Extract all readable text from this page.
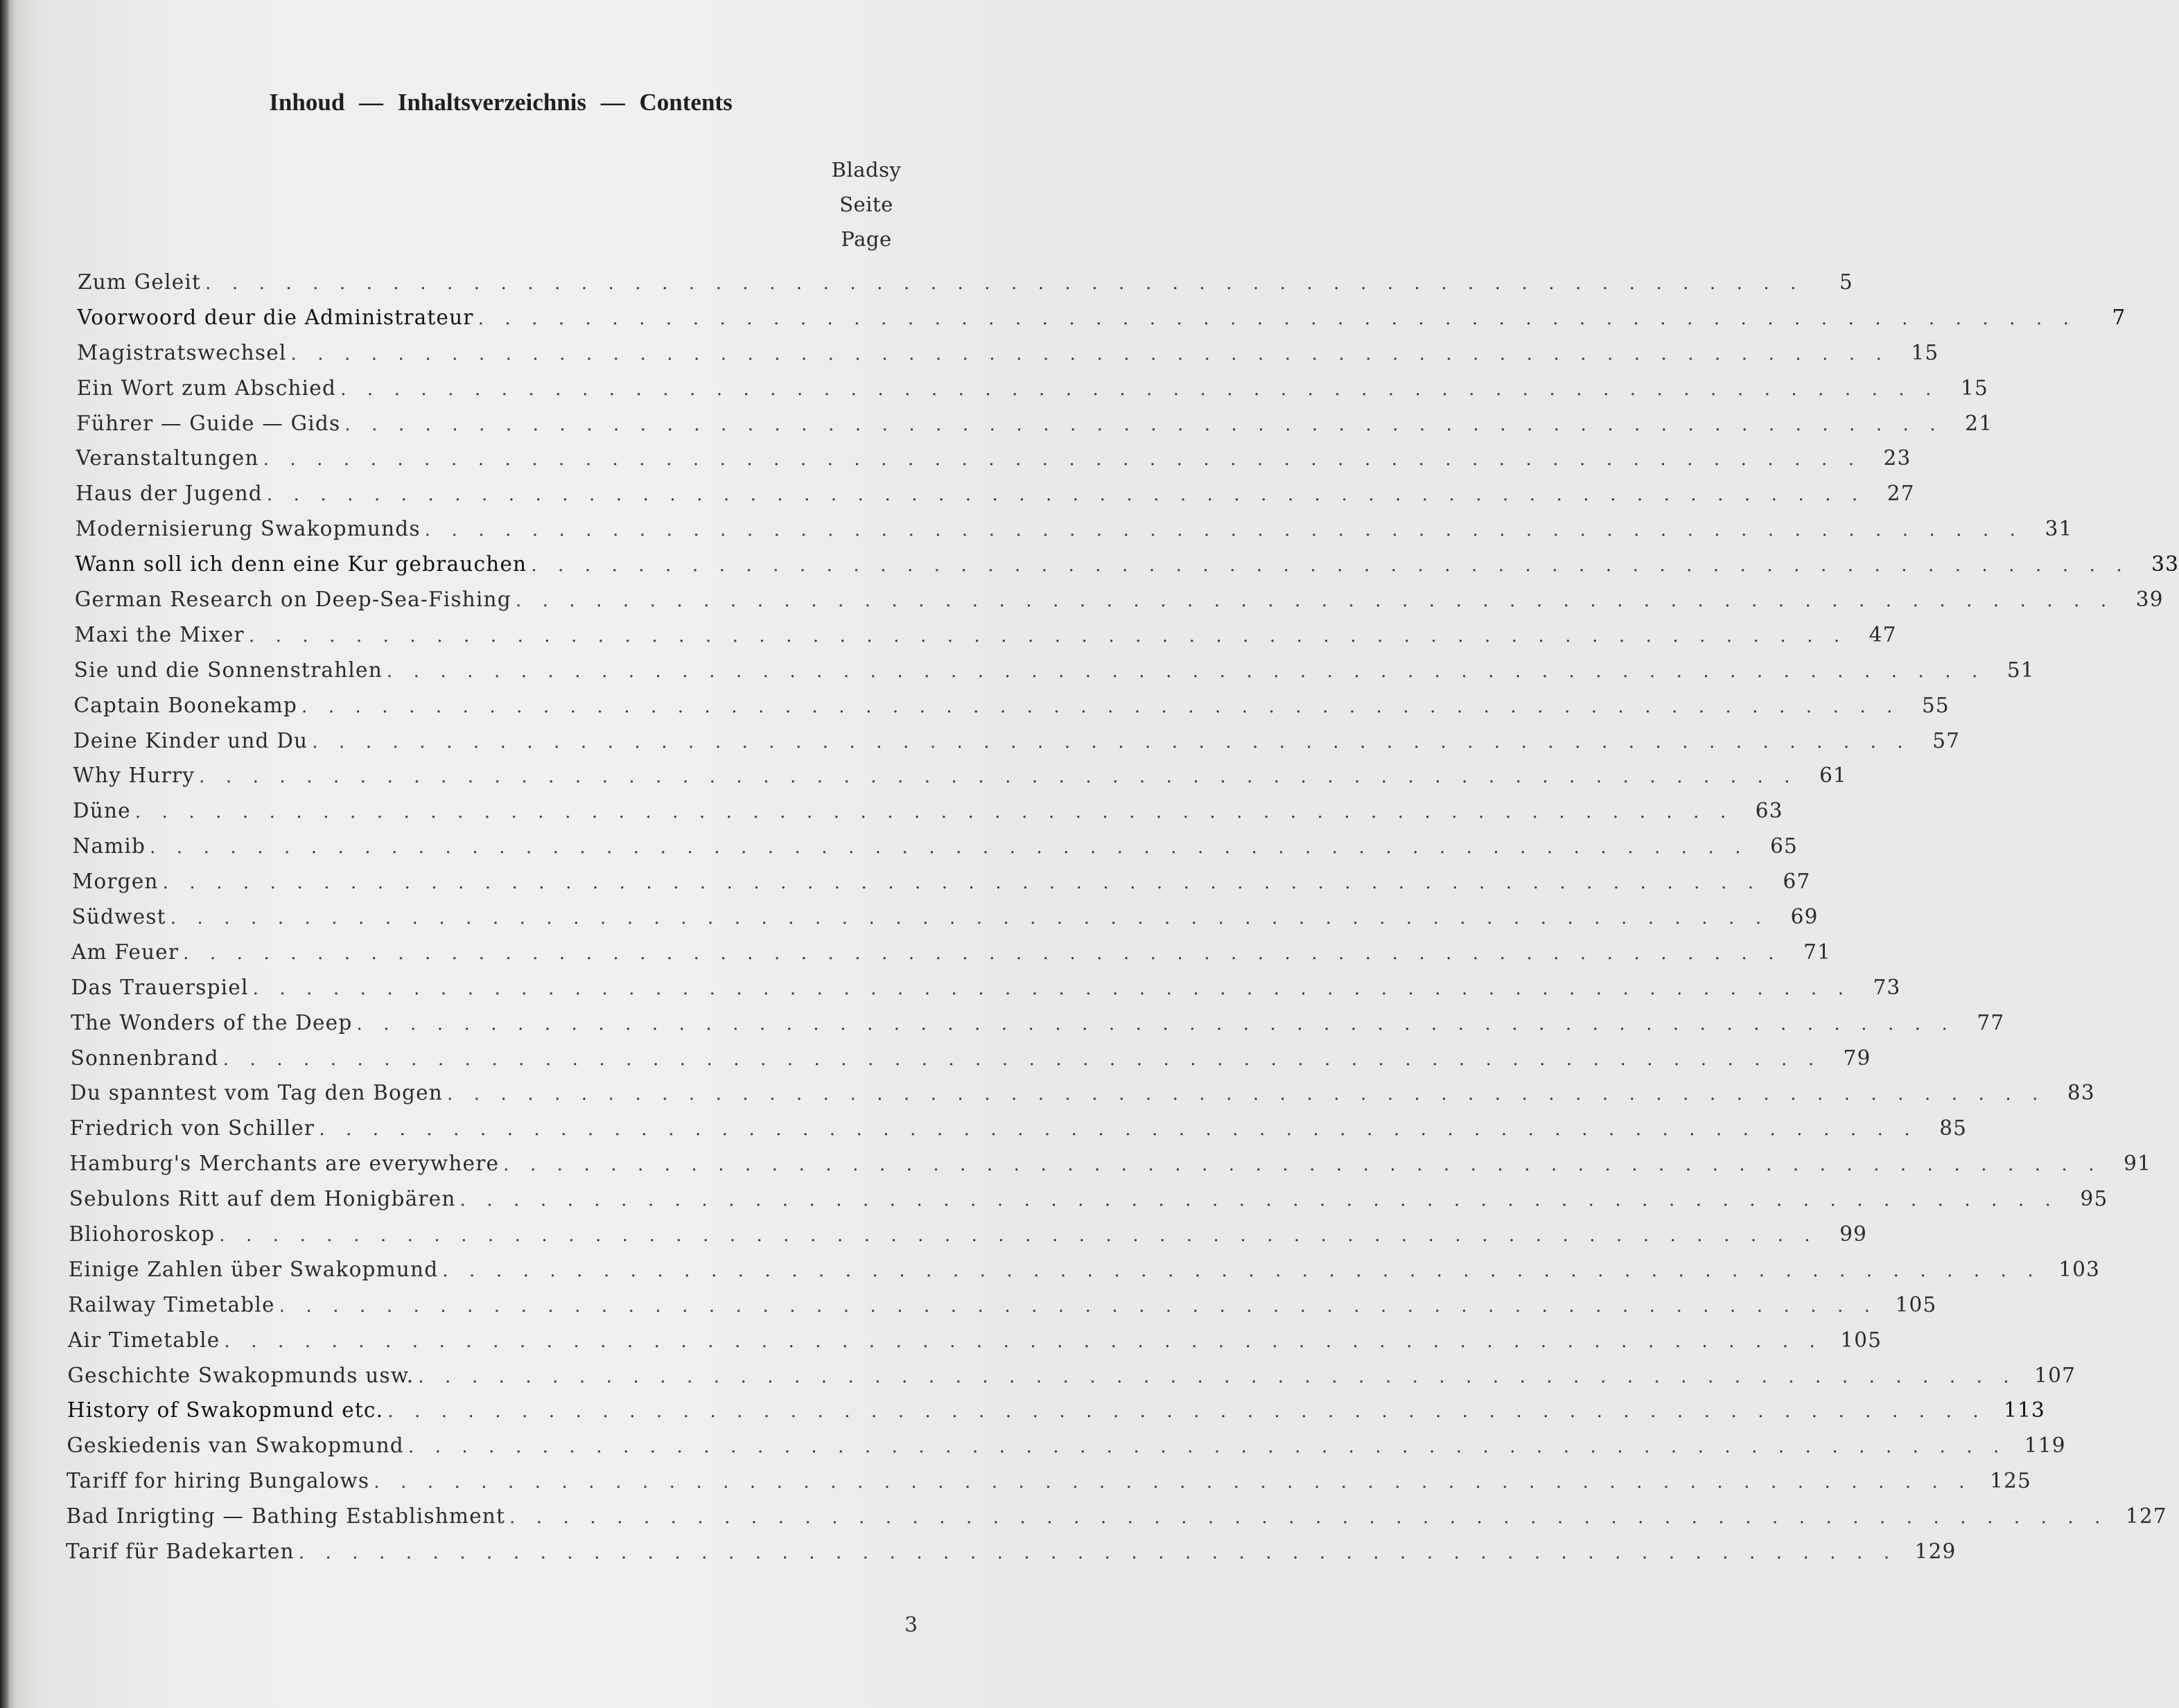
Inhoud — Inhaltsverzeichnis — Contents
Bladsy
Seite
Page
Zum Geleit ............................................................	5
Voorwoord deur die Administrateur ............................................................	7
Magistratswechsel ............................................................ 15
Ein Wort zum Abschied ............................................................ 15
Führer — Guide — Gids ............................................................ 21
Veranstaltungen ............................................................ 23
Haus der Jugend ............................................................ 27
Modernisierung Swakopmunds ............................................................ 31
Wann soll ich denn eine Kur gebrauchen ............................................................ 33
German Research on Deep-Sea-Fishing ............................................................ 39
Maxi the Mixer ............................................................ 47
Sie und die Sonnenstrahlen ............................................................ 51
Captain Boonekamp ............................................................ 55
Deine Kinder und Du ............................................................ 57
Why Hurry ............................................................ 61
Düne ............................................................ 63
Namib ............................................................ 65
Morgen ............................................................ 67
Südwest ............................................................ 69
Am Feuer ............................................................ 71
Das Trauerspiel ............................................................ 73
The Wonders of the Deep ............................................................ 77
Sonnenbrand ............................................................ 79
Du spanntest vom Tag den Bogen ............................................................ 83
Friedrich von Schiller ............................................................ 85
Hamburg's Merchants are everywhere ............................................................ 91
Sebulons Ritt auf dem Honigbären ............................................................ 95
Bliohoroskop ............................................................ 99
Einige Zahlen über Swakopmund ............................................................ 103
Railway Timetable ............................................................ 105
Air Timetable ............................................................ 105
Geschichte Swakopmunds usw. ............................................................ 107
History of Swakopmund etc. ............................................................ 113
Geskiedenis van Swakopmund ............................................................ 119
Tariff for hiring Bungalows ............................................................ 125
Bad Inrigting — Bathing Establishment ............................................................ 127
Tarif für Badekarten ............................................................ 129
3
